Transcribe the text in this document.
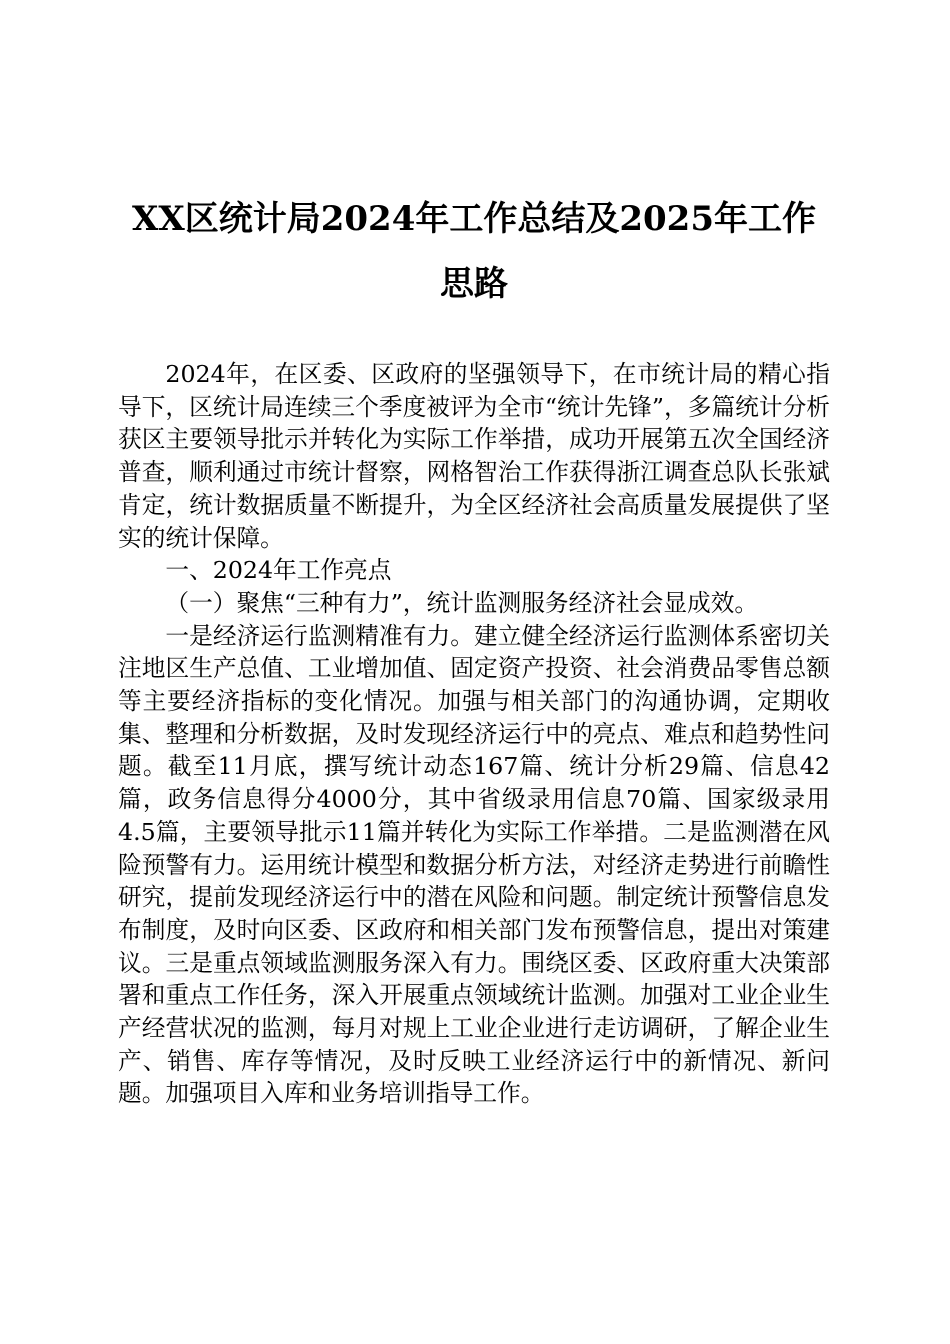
XX区统计局2024年工作总结及2025年工作
思路

2024年，在区委、区政府的坚强领导下，在市统计局的精心指导下，区统计局连续三个季度被评为全市“统计先锋”，多篇统计分析获区主要领导批示并转化为实际工作举措，成功开展第五次全国经济普查，顺利通过市统计督察，网格智治工作获得浙江调查总队长张斌肯定，统计数据质量不断提升，为全区经济社会高质量发展提供了坚实的统计保障。

一、2024年工作亮点

（一）聚焦“三种有力”，统计监测服务经济社会显成效。

一是经济运行监测精准有力。建立健全经济运行监测体系密切关注地区生产总值、工业增加值、固定资产投资、社会消费品零售总额等主要经济指标的变化情况。加强与相关部门的沟通协调，定期收集、整理和分析数据，及时发现经济运行中的亮点、难点和趋势性问题。截至11月底，撰写统计动态167篇、统计分析29篇、信息42篇，政务信息得分4000分，其中省级录用信息70篇、国家级录用4.5篇，主要领导批示11篇并转化为实际工作举措。二是监测潜在风险预警有力。运用统计模型和数据分析方法，对经济走势进行前瞻性研究，提前发现经济运行中的潜在风险和问题。制定统计预警信息发布制度，及时向区委、区政府和相关部门发布预警信息，提出对策建议。三是重点领域监测服务深入有力。围绕区委、区政府重大决策部署和重点工作任务，深入开展重点领域统计监测。加强对工业企业生产经营状况的监测，每月对规上工业企业进行走访调研，了解企业生产、销售、库存等情况，及时反映工业经济运行中的新情况、新问题。加强项目入库和业务培训指导工作。
